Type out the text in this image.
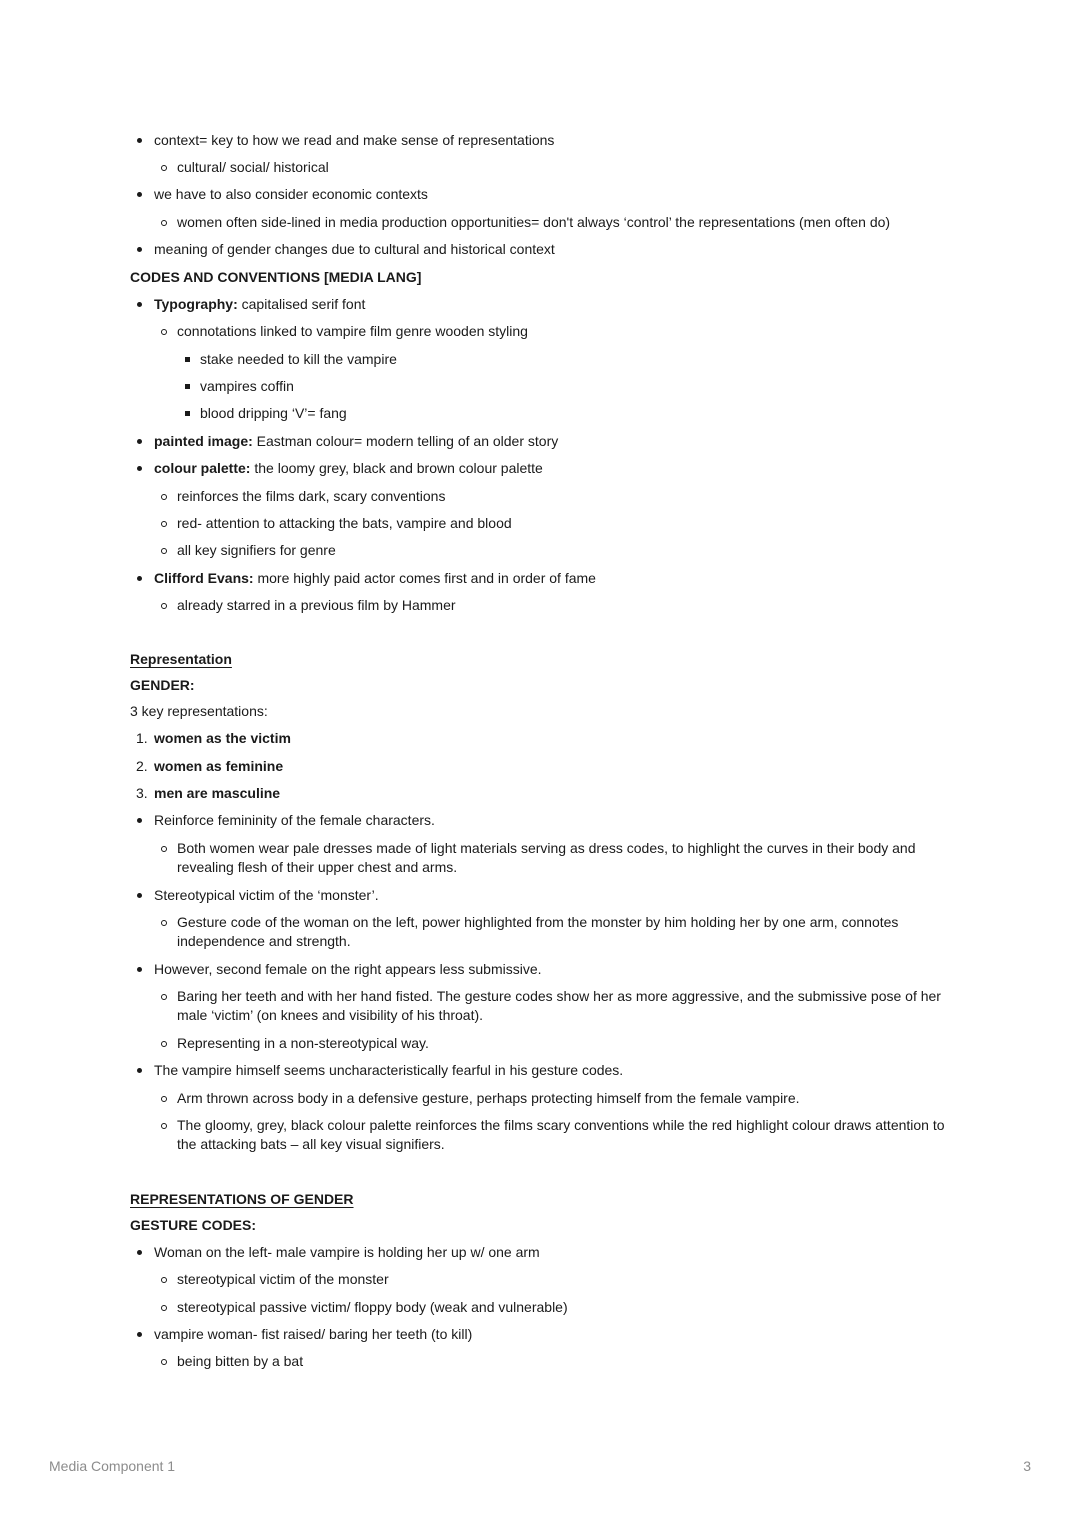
context= key to how we read and make sense of representations
cultural/ social/ historical
we have to also consider economic contexts
women often side-lined in media production opportunities= don't always ‘control’ the representations (men often do)
meaning of gender changes due to cultural and historical context
CODES AND CONVENTIONS [MEDIA LANG]
Typography: capitalised serif font
connotations linked to vampire film genre wooden styling
stake needed to kill the vampire
vampires coffin
blood dripping ‘V’= fang
painted image: Eastman colour= modern telling of an older story
colour palette: the loomy grey, black and brown colour palette
reinforces the films dark, scary conventions
red- attention to attacking the bats, vampire and blood
all key signifiers for genre
Clifford Evans: more highly paid actor comes first and in order of fame
already starred in a previous film by Hammer
Representation
GENDER:
3 key representations:
1. women as the victim
2. women as feminine
3. men are masculine
Reinforce femininity of the female characters.
Both women wear pale dresses made of light materials serving as dress codes, to highlight the curves in their body and revealing flesh of their upper chest and arms.
Stereotypical victim of the ‘monster’.
Gesture code of the woman on the left, power highlighted from the monster by him holding her by one arm, connotes independence and strength.
However, second female on the right appears less submissive.
Baring her teeth and with her hand fisted. The gesture codes show her as more aggressive, and the submissive pose of her male ‘victim’ (on knees and visibility of his throat).
Representing in a non-stereotypical way.
The vampire himself seems uncharacteristically fearful in his gesture codes.
Arm thrown across body in a defensive gesture, perhaps protecting himself from the female vampire.
The gloomy, grey, black colour palette reinforces the films scary conventions while the red highlight colour draws attention to the attacking bats – all key visual signifiers.
REPRESENTATIONS OF GENDER
GESTURE CODES:
Woman on the left- male vampire is holding her up w/ one arm
stereotypical victim of the monster
stereotypical passive victim/ floppy body (weak and vulnerable)
vampire woman- fist raised/ baring her teeth (to kill)
being bitten by a bat
Media Component 1	3
